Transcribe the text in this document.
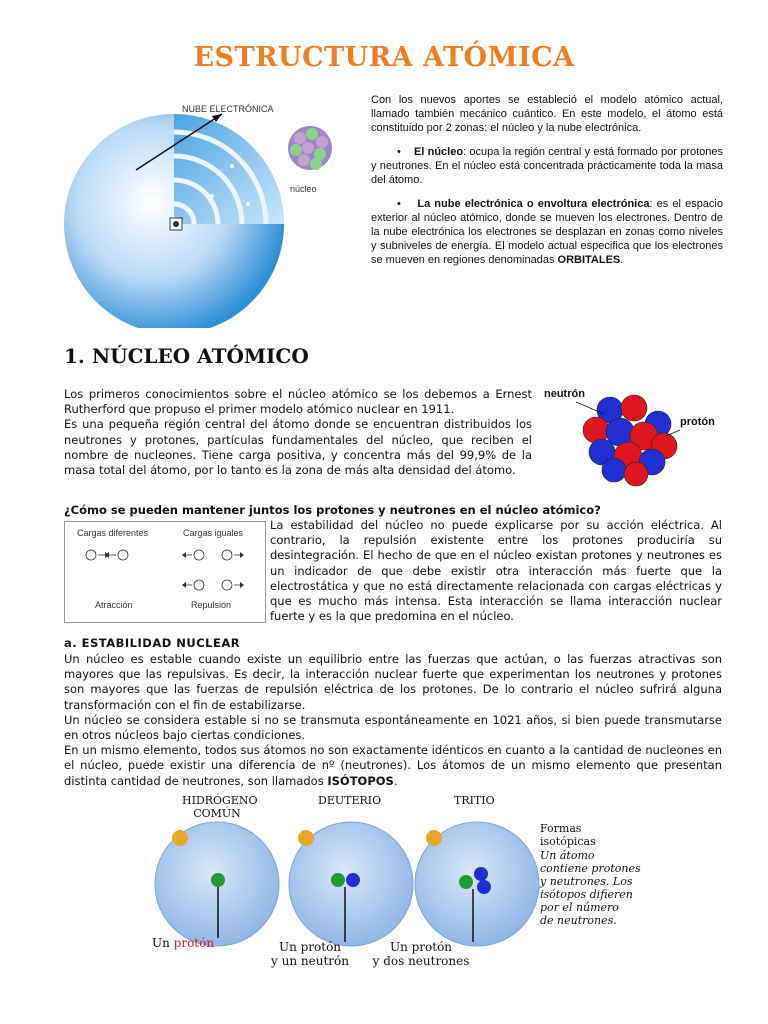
ESTRUCTURA ATÓMICA
NUBE ELECTRÓNICA
núcleo

Con los nuevos aportes se estableció el modelo atómico actual, llamado también mecánico cuántico. En este modelo, el átomo está constituido por 2 zonas: el núcleo y la nube electrónica.

•    El núcleo: ocupa la región central y está formado por protones y neutrones. En el núcleo está concentrada prácticamente toda la masa del átomo.

•    La nube electrónica o envoltura electrónica: es el espacio exterior al núcleo atómico, donde se mueven los electrones. Dentro de la nube electrónica los electrones se desplazan en zonas como niveles y subniveles de energía. El modelo actual especifica que los electrones se mueven en regiones denominadas ORBITALES.

1. NÚCLEO ATÓMICO

Los primeros conocimientos sobre el núcleo atómico se los debemos a Ernest Rutherford que propuso el primer modelo atómico nuclear en 1911.

Es una pequeña región central del átomo donde se encuentran distribuidos los neutrones y protones, partículas fundamentales del núcleo, que reciben el nombre de nucleones. Tiene carga positiva, y concentra más del 99,9% de la masa total del átomo, por lo tanto es la zona de más alta densidad del átomo.

neutrón
protón
¿Cómo se pueden mantener juntos los protones y neutrones en el núcleo atómico?
Cargas diferentes	Cargas iguales
Atracción	Repulsión
La estabilidad del núcleo no puede explicarse por su acción eléctrica. Al contrario, la repulsión existente entre los protones produciría su desintegración. El hecho de que en el núcleo existan protones y neutrones es un indicador de que debe existir otra interacción más fuerte que la electrostática y que no está directamente relacionada con cargas eléctricas y que es mucho más intensa. Esta interacción se llama interacción nuclear fuerte y es la que predomina en el núcleo.
a. ESTABILIDAD NUCLEAR

Un núcleo es estable cuando existe un equilibrio entre las fuerzas que actúan, o las fuerzas atractivas son mayores que las repulsivas. Es decir, la interacción nuclear fuerte que experimentan los neutrones y protones son mayores que las fuerzas de repulsión eléctrica de los protones. De lo contrario el núcleo sufrirá alguna transformación con el fin de estabilizarse.

Un núcleo se considera estable si no se transmuta espontáneamente en 1021 años, si bien puede transmutarse en otros núcleos bajo ciertas condiciones.

En un mismo elemento, todos sus átomos no son exactamente idénticos en cuanto a la cantidad de nucleones en el núcleo, puede existir una diferencia de nº (neutrones). Los átomos de un mismo elemento que presentan distinta cantidad de neutrones, son llamados ISÓTOPOS.

HIDRÓGENO
COMÚN
DEUTERIO	TRITIO
Un protón	Un protón
y un neutrón
Un protón
y dos neutrones
Formas
isotópicas
Un átomo
contiene protones
y neutrones. Los
isótopos difieren
por el número
de neutrones.
